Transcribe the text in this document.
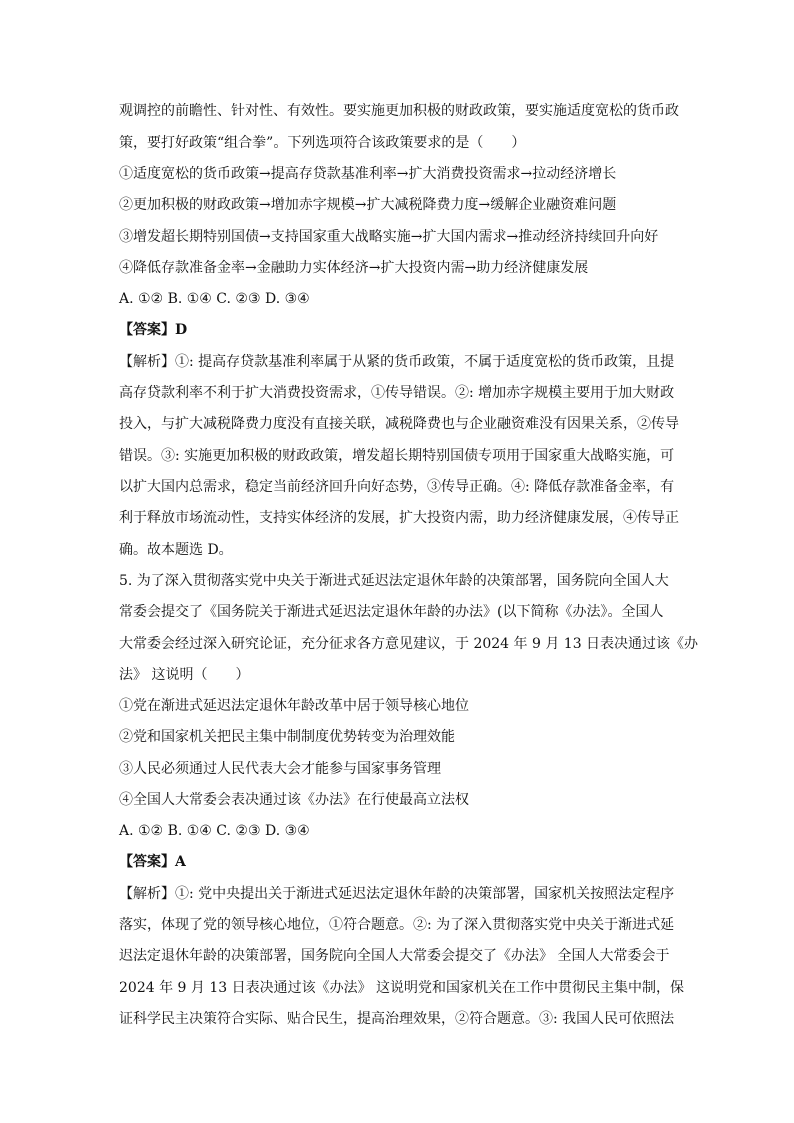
观调控的前瞻性、针对性、有效性。要实施更加积极的财政政策，要实施适度宽松的货币政
策，要打好政策“组合拳”。下列选项符合该政策要求的是（　　）
①适度宽松的货币政策→提高存贷款基准利率→扩大消费投资需求→拉动经济增长
②更加积极的财政政策→增加赤字规模→扩大减税降费力度→缓解企业融资难问题
③增发超长期特别国债→支持国家重大战略实施→扩大国内需求→推动经济持续回升向好
④降低存款准备金率→金融助力实体经济→扩大投资内需→助力经济健康发展
A. ①② B. ①④ C. ②③ D. ③④
【答案】D
【解析】①: 提高存贷款基准利率属于从紧的货币政策，不属于适度宽松的货币政策，且提
高存贷款利率不利于扩大消费投资需求，①传导错误。②: 增加赤字规模主要用于加大财政
投入，与扩大减税降费力度没有直接关联，减税降费也与企业融资难没有因果关系，②传导
错误。③: 实施更加积极的财政政策，增发超长期特别国债专项用于国家重大战略实施，可
以扩大国内总需求，稳定当前经济回升向好态势，③传导正确。④: 降低存款准备金率，有
利于释放市场流动性，支持实体经济的发展，扩大投资内需，助力经济健康发展，④传导正
确。故本题选 D。
5. 为了深入贯彻落实党中央关于渐进式延迟法定退休年龄的决策部署，国务院向全国人大
常委会提交了《国务院关于渐进式延迟法定退休年龄的办法》(以下简称《办法》。全国人
大常委会经过深入研究论证，充分征求各方意见建议，于 2024 年 9 月 13 日表决通过该《办
法》 这说明（　　）
①党在渐进式延迟法定退休年龄改革中居于领导核心地位
②党和国家机关把民主集中制制度优势转变为治理效能
③人民必须通过人民代表大会才能参与国家事务管理
④全国人大常委会表决通过该《办法》在行使最高立法权
A. ①② B. ①④ C. ②③ D. ③④
【答案】A
【解析】①: 党中央提出关于渐进式延迟法定退休年龄的决策部署，国家机关按照法定程序
落实，体现了党的领导核心地位，①符合题意。②: 为了深入贯彻落实党中央关于渐进式延
迟法定退休年龄的决策部署，国务院向全国人大常委会提交了《办法》 全国人大常委会于
2024 年 9 月 13 日表决通过该《办法》 这说明党和国家机关在工作中贯彻民主集中制，保
证科学民主决策符合实际、贴合民生，提高治理效果，②符合题意。③: 我国人民可依照法
